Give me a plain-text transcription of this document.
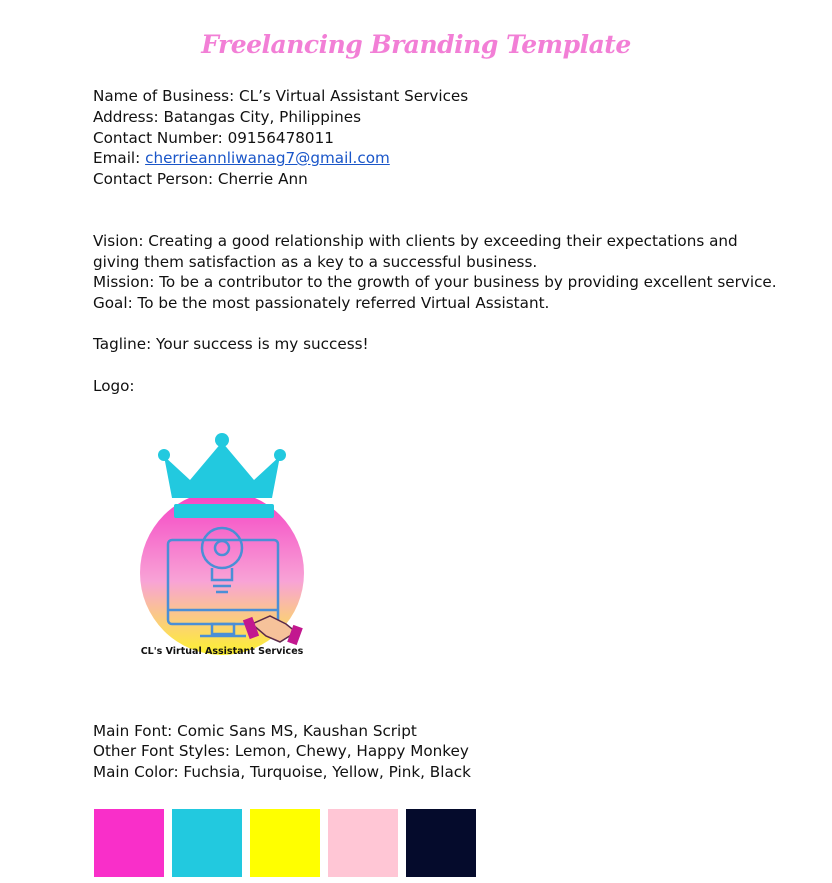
Freelancing Branding Template
Name of Business: CL’s Virtual Assistant Services
Address: Batangas City, Philippines
Contact Number: 09156478011
Email: cherrieannliwanag7@gmail.com
Contact Person: Cherrie Ann
Vision: Creating a good relationship with clients by exceeding their expectations and giving them satisfaction as a key to a successful business.
Mission: To be a contributor to the growth of your business by providing excellent service.
Goal: To be the most passionately referred Virtual Assistant.
Tagline: Your success is my success!
Logo:
CL's Virtual Assistant Services
Main Font: Comic Sans MS, Kaushan Script
Other Font Styles: Lemon, Chewy, Happy Monkey
Main Color: Fuchsia, Turquoise, Yellow, Pink, Black
